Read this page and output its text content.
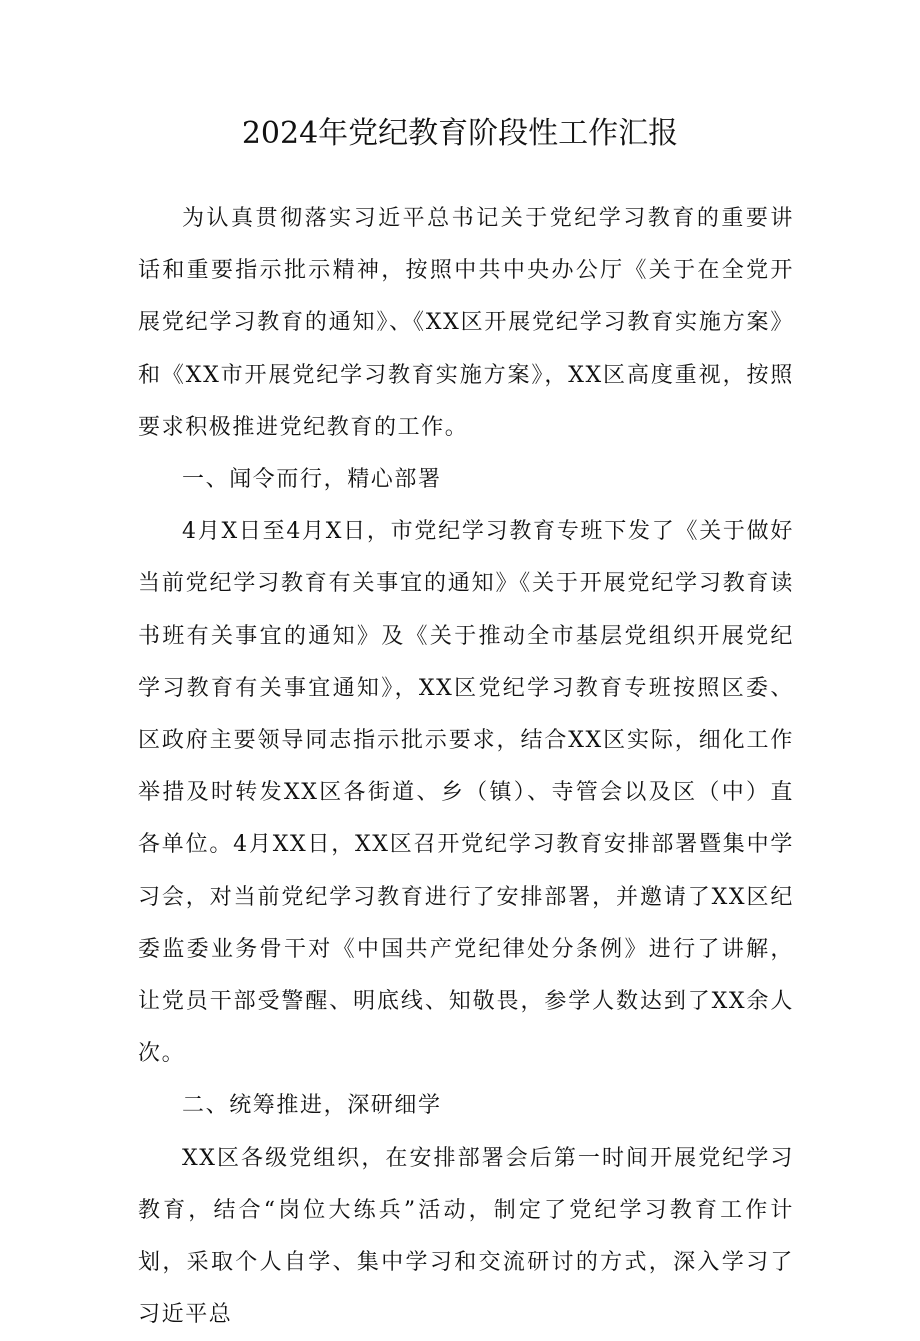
2024年党纪教育阶段性工作汇报

为认真贯彻落实习近平总书记关于党纪学习教育的重要讲话和重要指示批示精神，按照中共中央办公厅《关于在全党开展党纪学习教育的通知》、《XX区开展党纪学习教育实施方案》和《XX市开展党纪学习教育实施方案》，XX区高度重视，按照要求积极推进党纪教育的工作。

一、闻令而行，精心部署

4月X日至4月X日，市党纪学习教育专班下发了《关于做好当前党纪学习教育有关事宜的通知》《关于开展党纪学习教育读书班有关事宜的通知》及《关于推动全市基层党组织开展党纪学习教育有关事宜通知》，XX区党纪学习教育专班按照区委、区政府主要领导同志指示批示要求，结合XX区实际，细化工作举措及时转发XX区各街道、乡（镇）、寺管会以及区（中）直各单位。4月XX日，XX区召开党纪学习教育安排部署暨集中学习会，对当前党纪学习教育进行了安排部署，并邀请了XX区纪委监委业务骨干对《中国共产党纪律处分条例》进行了讲解，让党员干部受警醒、明底线、知敬畏，参学人数达到了XX余人次。

二、统筹推进，深研细学

XX区各级党组织，在安排部署会后第一时间开展党纪学习教育，结合“岗位大练兵”活动，制定了党纪学习教育工作计划，采取个人自学、集中学习和交流研讨的方式，深入学习了习近平总
